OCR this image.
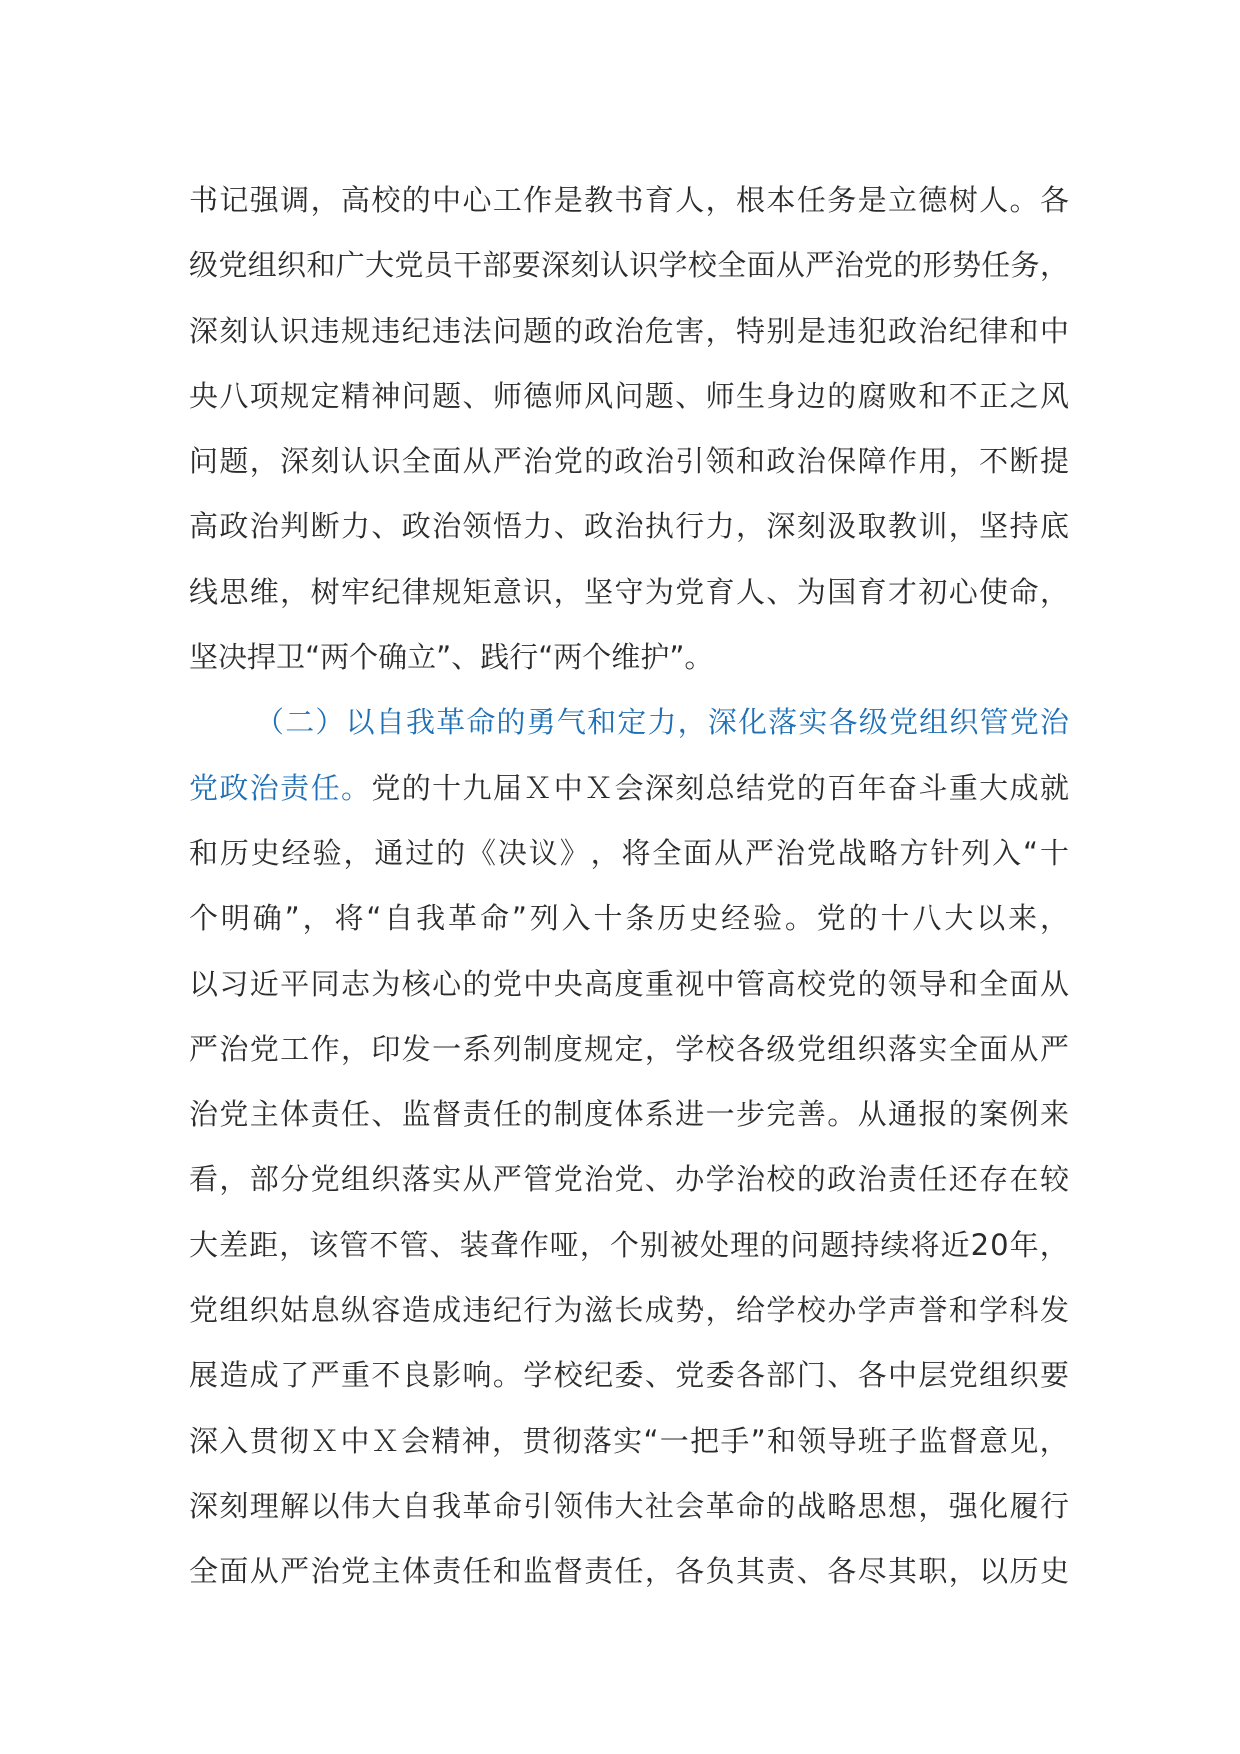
书 记 强 调 ， 高 校 的 中 心 工 作 是 教 书 育 人 ， 根 本 任 务 是 立 德 树 人 。 各
级 党 组 织 和 广 大 党 员 干 部 要 深 刻 认 识 学 校 全 面 从 严 治 党 的 形 势 任 务 ，
深 刻 认 识 违 规 违 纪 违 法 问 题 的 政 治 危 害 ， 特 别 是 违 犯 政 治 纪 律 和 中
央 八 项 规 定 精 神 问 题 、 师 德 师 风 问 题 、 师 生 身 边 的 腐 败 和 不 正 之 风
问 题 ， 深 刻 认 识 全 面 从 严 治 党 的 政 治 引 领 和 政 治 保 障 作 用 ， 不 断 提
高 政 治 判 断 力 、 政 治 领 悟 力 、 政 治 执 行 力 ， 深 刻 汲 取 教 训 ， 坚 持 底
线 思 维 ， 树 牢 纪 律 规 矩 意 识 ， 坚 守 为 党 育 人 、 为 国 育 才 初 心 使 命 ，
坚 决 捍 卫 “ 两 个 确 立 ” 、 践 行 “ 两 个 维 护 ” 。
（ 二 ） 以 自 我 革 命 的 勇 气 和 定 力 ， 深 化 落 实 各 级 党 组 织 管 党 治
党 政 治 责 任 。 党 的 十 九 届 Ｘ 中 Ｘ 会 深 刻 总 结 党 的 百 年 奋 斗 重 大 成 就
和 历 史 经 验 ， 通 过 的 《 决 议 》 ， 将 全 面 从 严 治 党 战 略 方 针 列 入 “ 十
个 明 确 ” ， 将 “ 自 我 革 命 ” 列 入 十 条 历 史 经 验 。 党 的 十 八 大 以 来 ，
以 习 近 平 同 志 为 核 心 的 党 中 央 高 度 重 视 中 管 高 校 党 的 领 导 和 全 面 从
严 治 党 工 作 ， 印 发 一 系 列 制 度 规 定 ， 学 校 各 级 党 组 织 落 实 全 面 从 严
治 党 主 体 责 任 、 监 督 责 任 的 制 度 体 系 进 一 步 完 善 。 从 通 报 的 案 例 来
看 ， 部 分 党 组 织 落 实 从 严 管 党 治 党 、 办 学 治 校 的 政 治 责 任 还 存 在 较
大 差 距 ， 该 管 不 管 、 装 聋 作 哑 ， 个 别 被 处 理 的 问 题 持 续 将 近 2 0 年 ，
党 组 织 姑 息 纵 容 造 成 违 纪 行 为 滋 长 成 势 ， 给 学 校 办 学 声 誉 和 学 科 发
展 造 成 了 严 重 不 良 影 响 。 学 校 纪 委 、 党 委 各 部 门 、 各 中 层 党 组 织 要
深 入 贯 彻 Ｘ 中 Ｘ 会 精 神 ， 贯 彻 落 实 “ 一 把 手 ” 和 领 导 班 子 监 督 意 见 ，
深 刻 理 解 以 伟 大 自 我 革 命 引 领 伟 大 社 会 革 命 的 战 略 思 想 ， 强 化 履 行
全 面 从 严 治 党 主 体 责 任 和 监 督 责 任 ， 各 负 其 责 、 各 尽 其 职 ， 以 历 史
